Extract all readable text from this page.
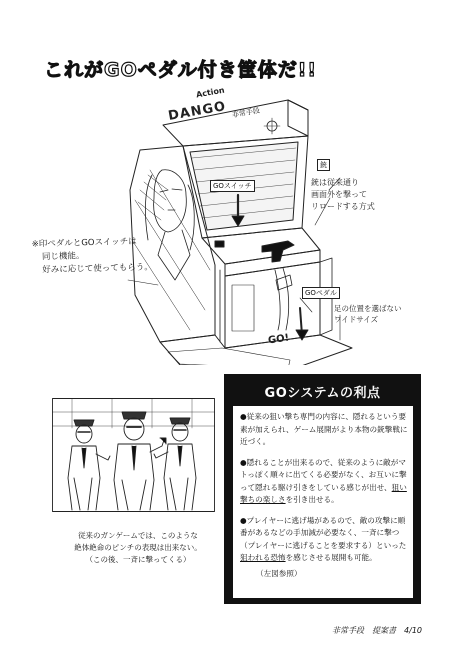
これがGOペダル付き筐体だ!!
Action
DANGO 非常手段
GOスイッチ
銃
GOペダル
GO!
※印ペダルとGOスイッチは
同じ機能。
好みに応じて使ってもらう。
銃は従来通り
画面外を撃って
リロードする方式
足の位置を選ばない
ワイドサイズ
GOシステムの利点
●従来の狙い撃ち専門の内容に、隠れるという要素が加えられ、ゲーム展開がより本物の銃撃戦に近づく。
●隠れることが出来るので、従来のように敵がマトっぽく順々に出てくる必要がなく、お互いに撃って隠れる駆け引きをしている感じが出せ、狙い撃ちの楽しさを引き出せる。
●プレイヤーに逃げ場があるので、敵の攻撃に順番があるなどの手加減が必要なく、一斉に撃つ（プレイヤーに逃げることを要求する）といった狙われる恐怖を感じさせる展開も可能。
（左図参照）
従来のガンゲームでは、このような
絶体絶命のピンチの表現は出来ない。
（この後、一斉に撃ってくる）
非常手段　提案書　4/10
